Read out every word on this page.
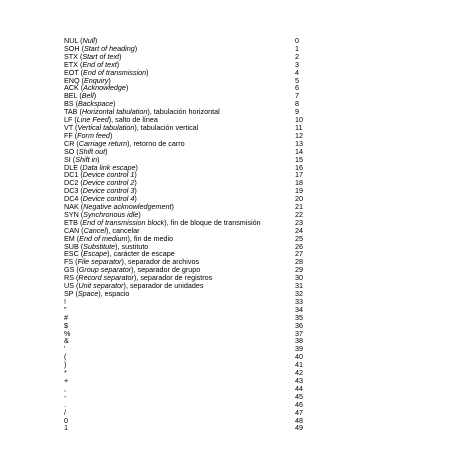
NUL (Null)	0
SOH (Start of heading)	1
STX (Start of text)	2
ETX (End of text)	3
EOT (End of transmission)	4
ENQ (Enquiry)	5
ACK (Acknowledge)	6
BEL (Bell)	7
BS (Backspace)	8
TAB (Horizontal tabulation), tabulación horizontal	9
LF (Line Feed), salto de línea	10
VT (Vertical tabulation), tabulación vertical	11
FF (Form feed)	12
CR (Carriage return), retorno de carro	13
SO (Shift out)	14
SI (Shift in)	15
DLE (Data link escape)	16
DC1 (Device control 1)	17
DC2 (Device control 2)	18
DC3 (Device control 3)	19
DC4 (Device control 4)	20
NAK (Negative acknowledgement)	21
SYN (Synchronous idle)	22
ETB (End of transmission block), fin de bloque de transmisión	23
CAN (Cancel), cancelar	24
EM (End of medium), fin de medio	25
SUB (Substitute), sustituto	26
ESC (Escape), carácter de escape	27
FS (File separator), separador de archivos	28
GS (Group separator), separador de grupo	29
RS (Record separator), separador de registros	30
US (Unit separator), separador de unidades	31
SP (Space), espacio	32
!	33
"	34
#	35
$	36
%	37
&	38
'	39
(	40
)	41
*	42
+	43
,	44
-	45
.	46
/	47
0	48
1	49
